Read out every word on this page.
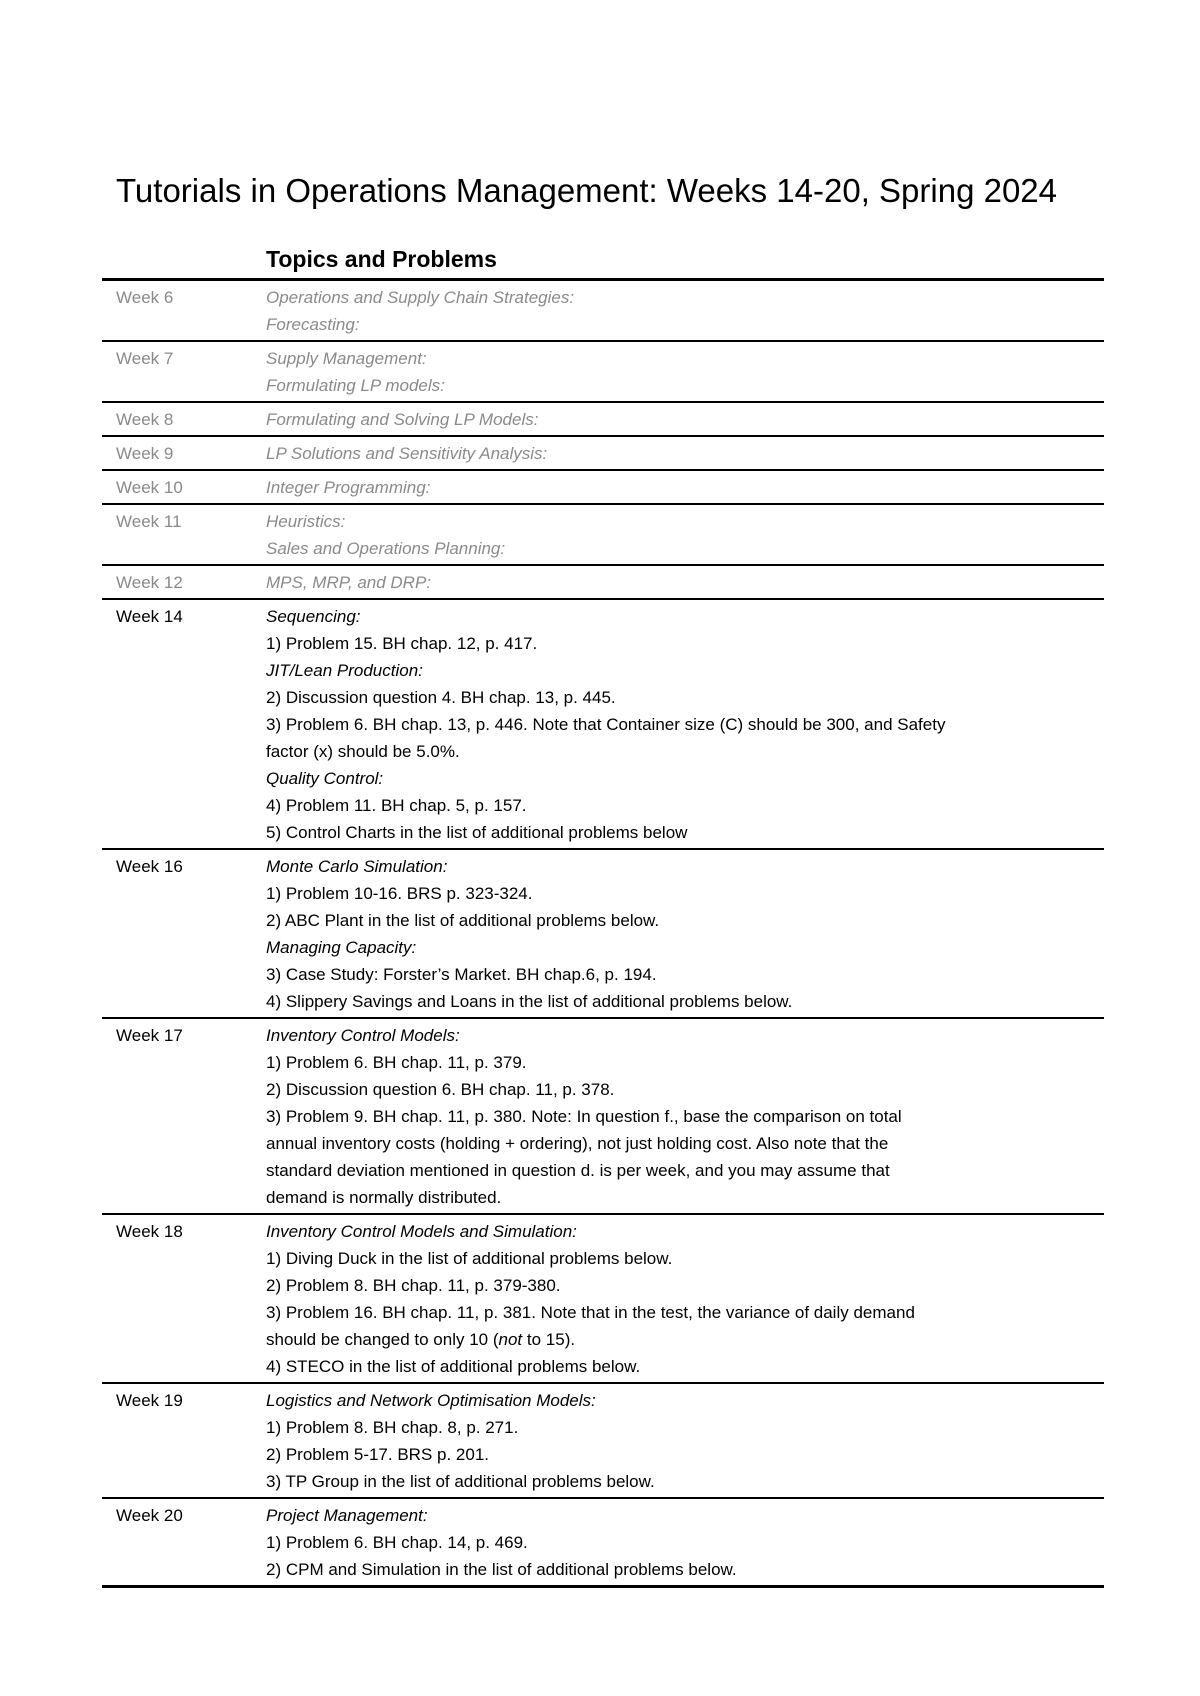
Tutorials in Operations Management: Weeks 14-20, Spring 2024
Topics and Problems
Week 6	Operations and Supply Chain Strategies:
Forecasting:
Week 7	Supply Management:
Formulating LP models:
Week 8	Formulating and Solving LP Models:
Week 9	LP Solutions and Sensitivity Analysis:
Week 10	Integer Programming:
Week 11	Heuristics:
Sales and Operations Planning:
Week 12	MPS, MRP, and DRP:
Week 14	Sequencing:
1) Problem 15. BH chap. 12, p. 417.
JIT/Lean Production:
2) Discussion question 4. BH chap. 13, p. 445.
3) Problem 6. BH chap. 13, p. 446. Note that Container size (C) should be 300, and Safety
factor (x) should be 5.0%.
Quality Control:
4) Problem 11. BH chap. 5, p. 157.
5) Control Charts in the list of additional problems below
Week 16	Monte Carlo Simulation:
1) Problem 10-16. BRS p. 323-324.
2) ABC Plant in the list of additional problems below.
Managing Capacity:
3) Case Study: Forster’s Market. BH chap.6, p. 194.
4) Slippery Savings and Loans in the list of additional problems below.
Week 17	Inventory Control Models:
1) Problem 6. BH chap. 11, p. 379.
2) Discussion question 6. BH chap. 11, p. 378.
3) Problem 9. BH chap. 11, p. 380. Note: In question f., base the comparison on total
annual inventory costs (holding + ordering), not just holding cost. Also note that the
standard deviation mentioned in question d. is per week, and you may assume that
demand is normally distributed.
Week 18	Inventory Control Models and Simulation:
1) Diving Duck in the list of additional problems below.
2) Problem 8. BH chap. 11, p. 379-380.
3) Problem 16. BH chap. 11, p. 381. Note that in the test, the variance of daily demand
should be changed to only 10 (not to 15).
4) STECO in the list of additional problems below.
Week 19	Logistics and Network Optimisation Models:
1) Problem 8. BH chap. 8, p. 271.
2) Problem 5-17. BRS p. 201.
3) TP Group in the list of additional problems below.
Week 20	Project Management:
1) Problem 6. BH chap. 14, p. 469.
2) CPM and Simulation in the list of additional problems below.
